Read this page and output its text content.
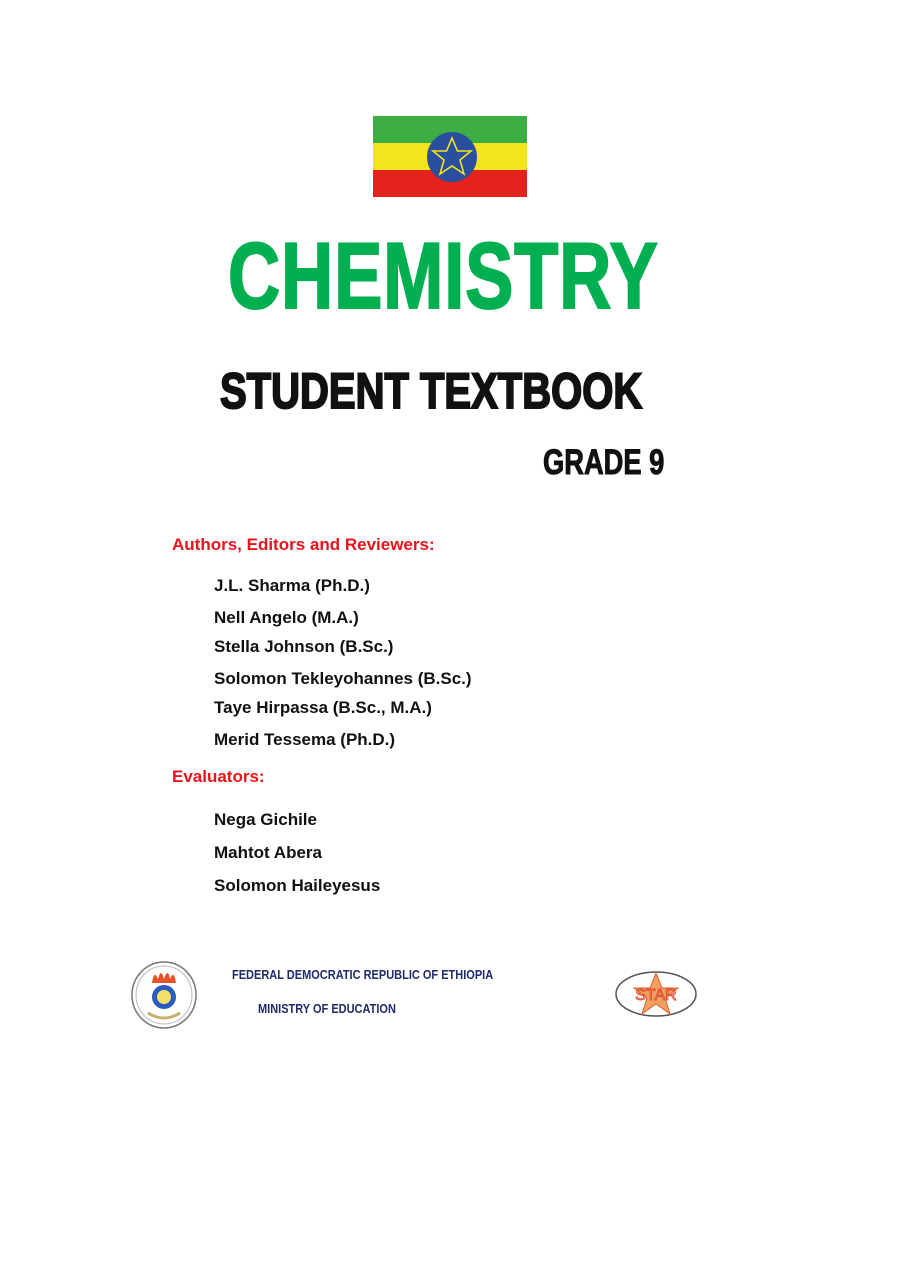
CHEMISTRY
STUDENT TEXTBOOK
GRADE 9
Authors, Editors and Reviewers:
J.L. Sharma (Ph.D.)
Nell Angelo (M.A.)
Stella Johnson (B.Sc.)
Solomon Tekleyohannes (B.Sc.)
Taye Hirpassa (B.Sc., M.A.)
Merid Tessema (Ph.D.)
Evaluators:
Nega Gichile
Mahtot Abera
Solomon Haileyesus
FEDERAL DEMOCRATIC REPUBLIC OF ETHIOPIA
MINISTRY OF EDUCATION
STAR
